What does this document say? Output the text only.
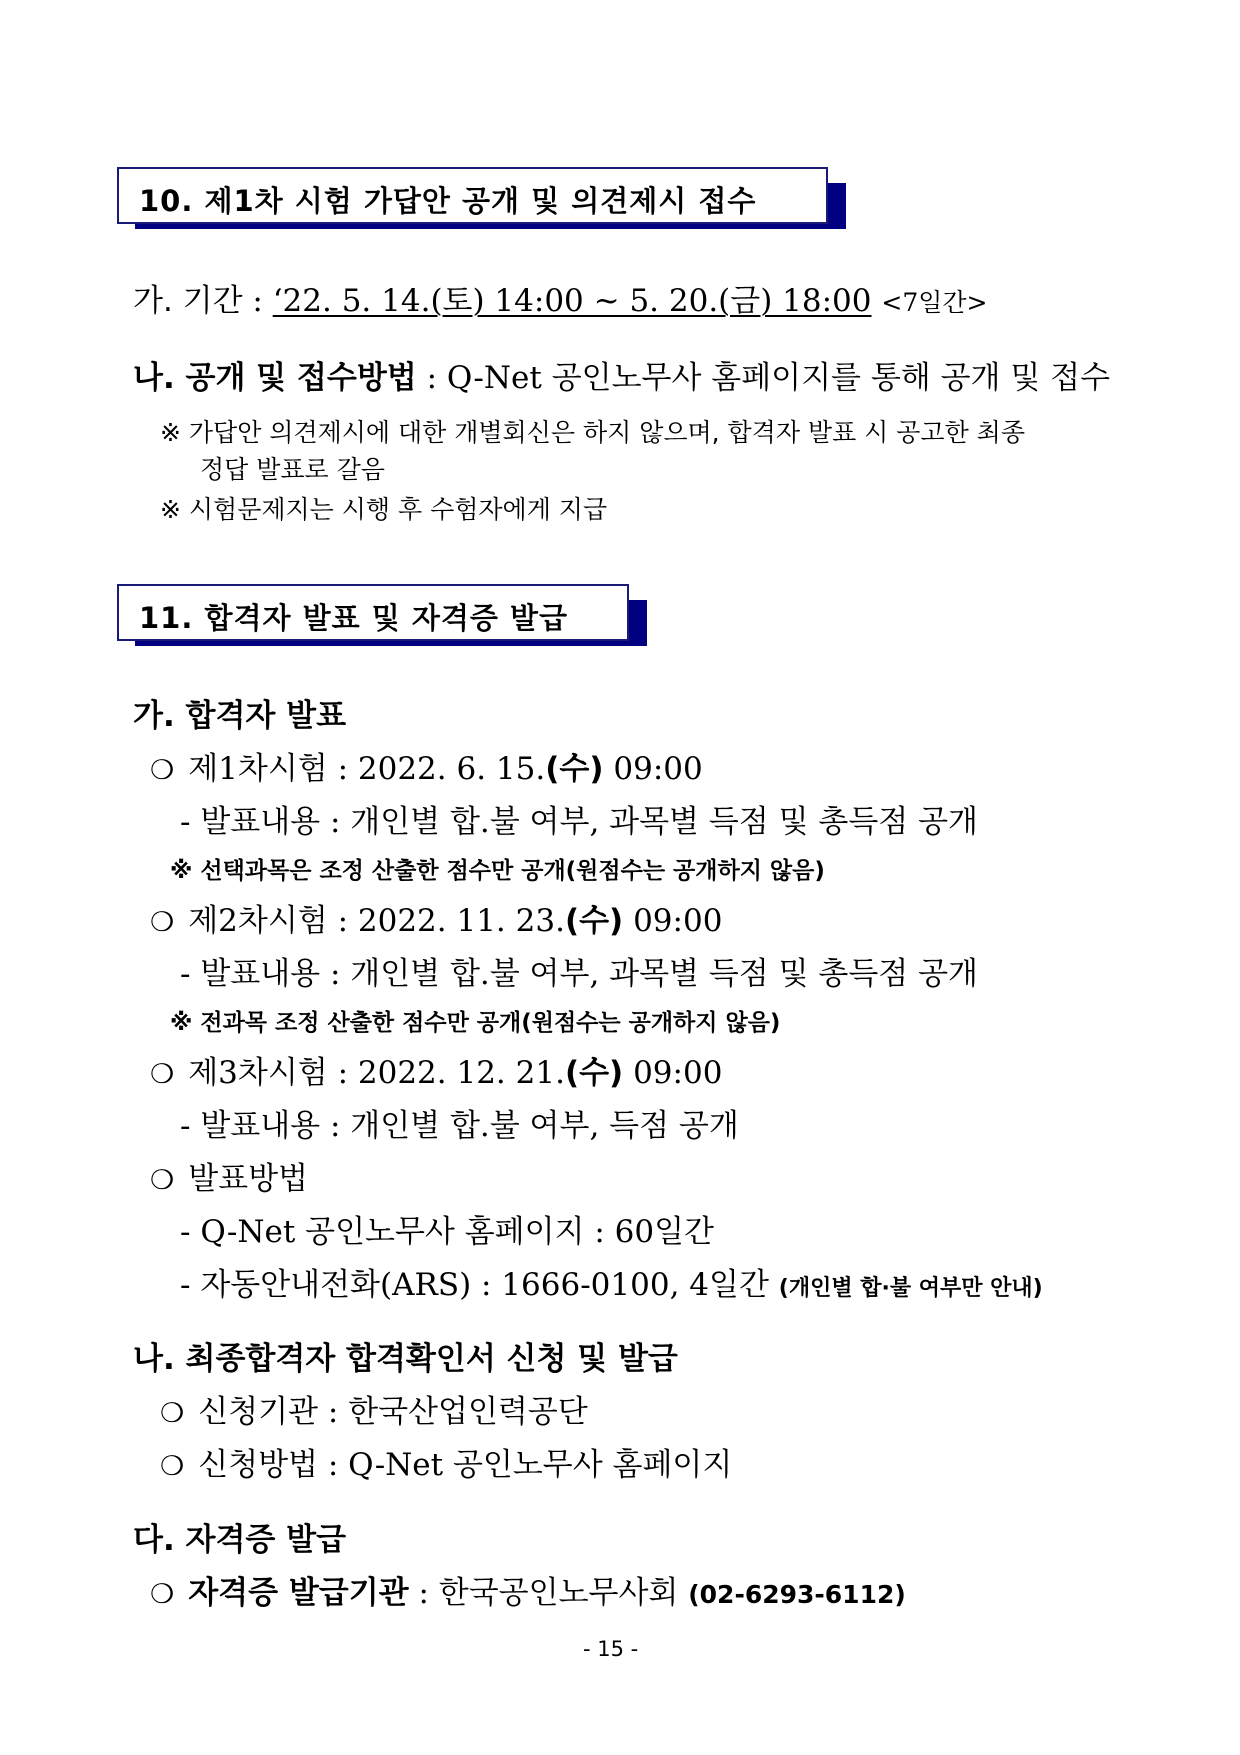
10. 제1차 시험 가답안 공개 및 의견제시 접수
가. 기간 : ‘22. 5. 14.(토) 14:00 ~ 5. 20.(금) 18:00 <7일간>
나. 공개 및 접수방법 : Q-Net 공인노무사 홈페이지를 통해 공개 및 접수
※ 가답안 의견제시에 대한 개별회신은 하지 않으며, 합격자 발표 시 공고한 최종
정답 발표로 갈음
※ 시험문제지는 시행 후 수험자에게 지급
11. 합격자 발표 및 자격증 발급
가. 합격자 발표
❍ 제1차시험 : 2022. 6. 15.(수) 09:00
- 발표내용 : 개인별 합.불 여부, 과목별 득점 및 총득점 공개
※ 선택과목은 조정 산출한 점수만 공개(원점수는 공개하지 않음)
❍ 제2차시험 : 2022. 11. 23.(수) 09:00
- 발표내용 : 개인별 합.불 여부, 과목별 득점 및 총득점 공개
※ 전과목 조정 산출한 점수만 공개(원점수는 공개하지 않음)
❍ 제3차시험 : 2022. 12. 21.(수) 09:00
- 발표내용 : 개인별 합.불 여부, 득점 공개
❍ 발표방법
- Q-Net 공인노무사 홈페이지 : 60일간
- 자동안내전화(ARS) : 1666-0100, 4일간 (개인별 합·불 여부만 안내)
나. 최종합격자 합격확인서 신청 및 발급
❍ 신청기관 : 한국산업인력공단
❍ 신청방법 : Q-Net 공인노무사 홈페이지
다. 자격증 발급
❍ 자격증 발급기관 : 한국공인노무사회 (02-6293-6112)
- 15 -
